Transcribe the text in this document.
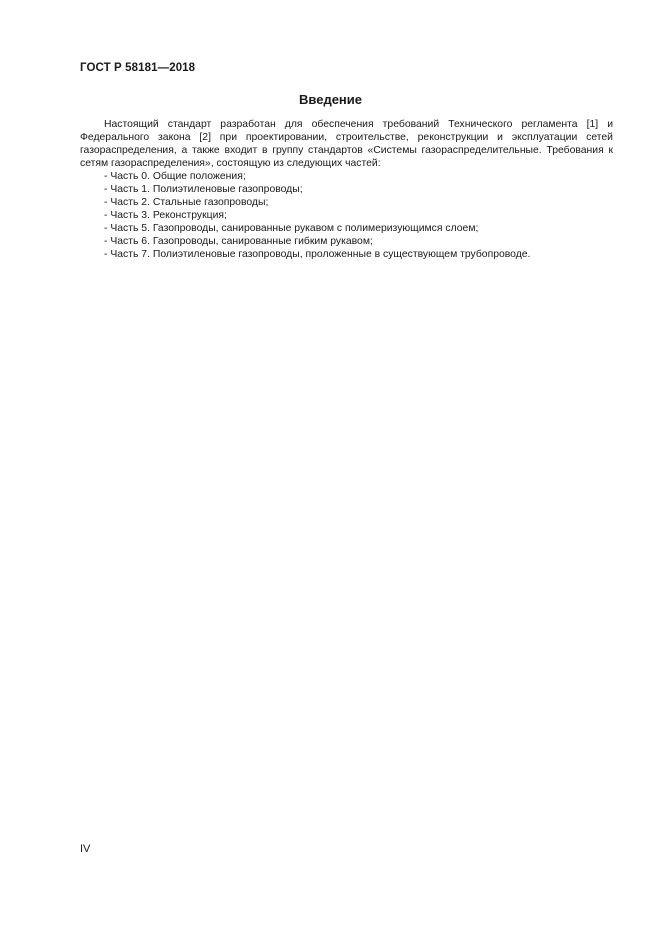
ГОСТ Р 58181—2018
Введение

Настоящий стандарт разработан для обеспечения требований Технического регламента [1] и Федерального закона [2] при проектировании, строительстве, реконструкции и эксплуатации сетей газораспределения, а также входит в группу стандартов «Системы газораспределительные. Требования к сетям газораспределения», состоящую из следующих частей:

- Часть 0. Общие положения;
- Часть 1. Полиэтиленовые газопроводы;
- Часть 2. Стальные газопроводы;
- Часть 3. Реконструкция;
- Часть 5. Газопроводы, санированные рукавом с полимеризующимся слоем;
- Часть 6. Газопроводы, санированные гибким рукавом;
- Часть 7. Полиэтиленовые газопроводы, проложенные в существующем трубопроводе.
IV
